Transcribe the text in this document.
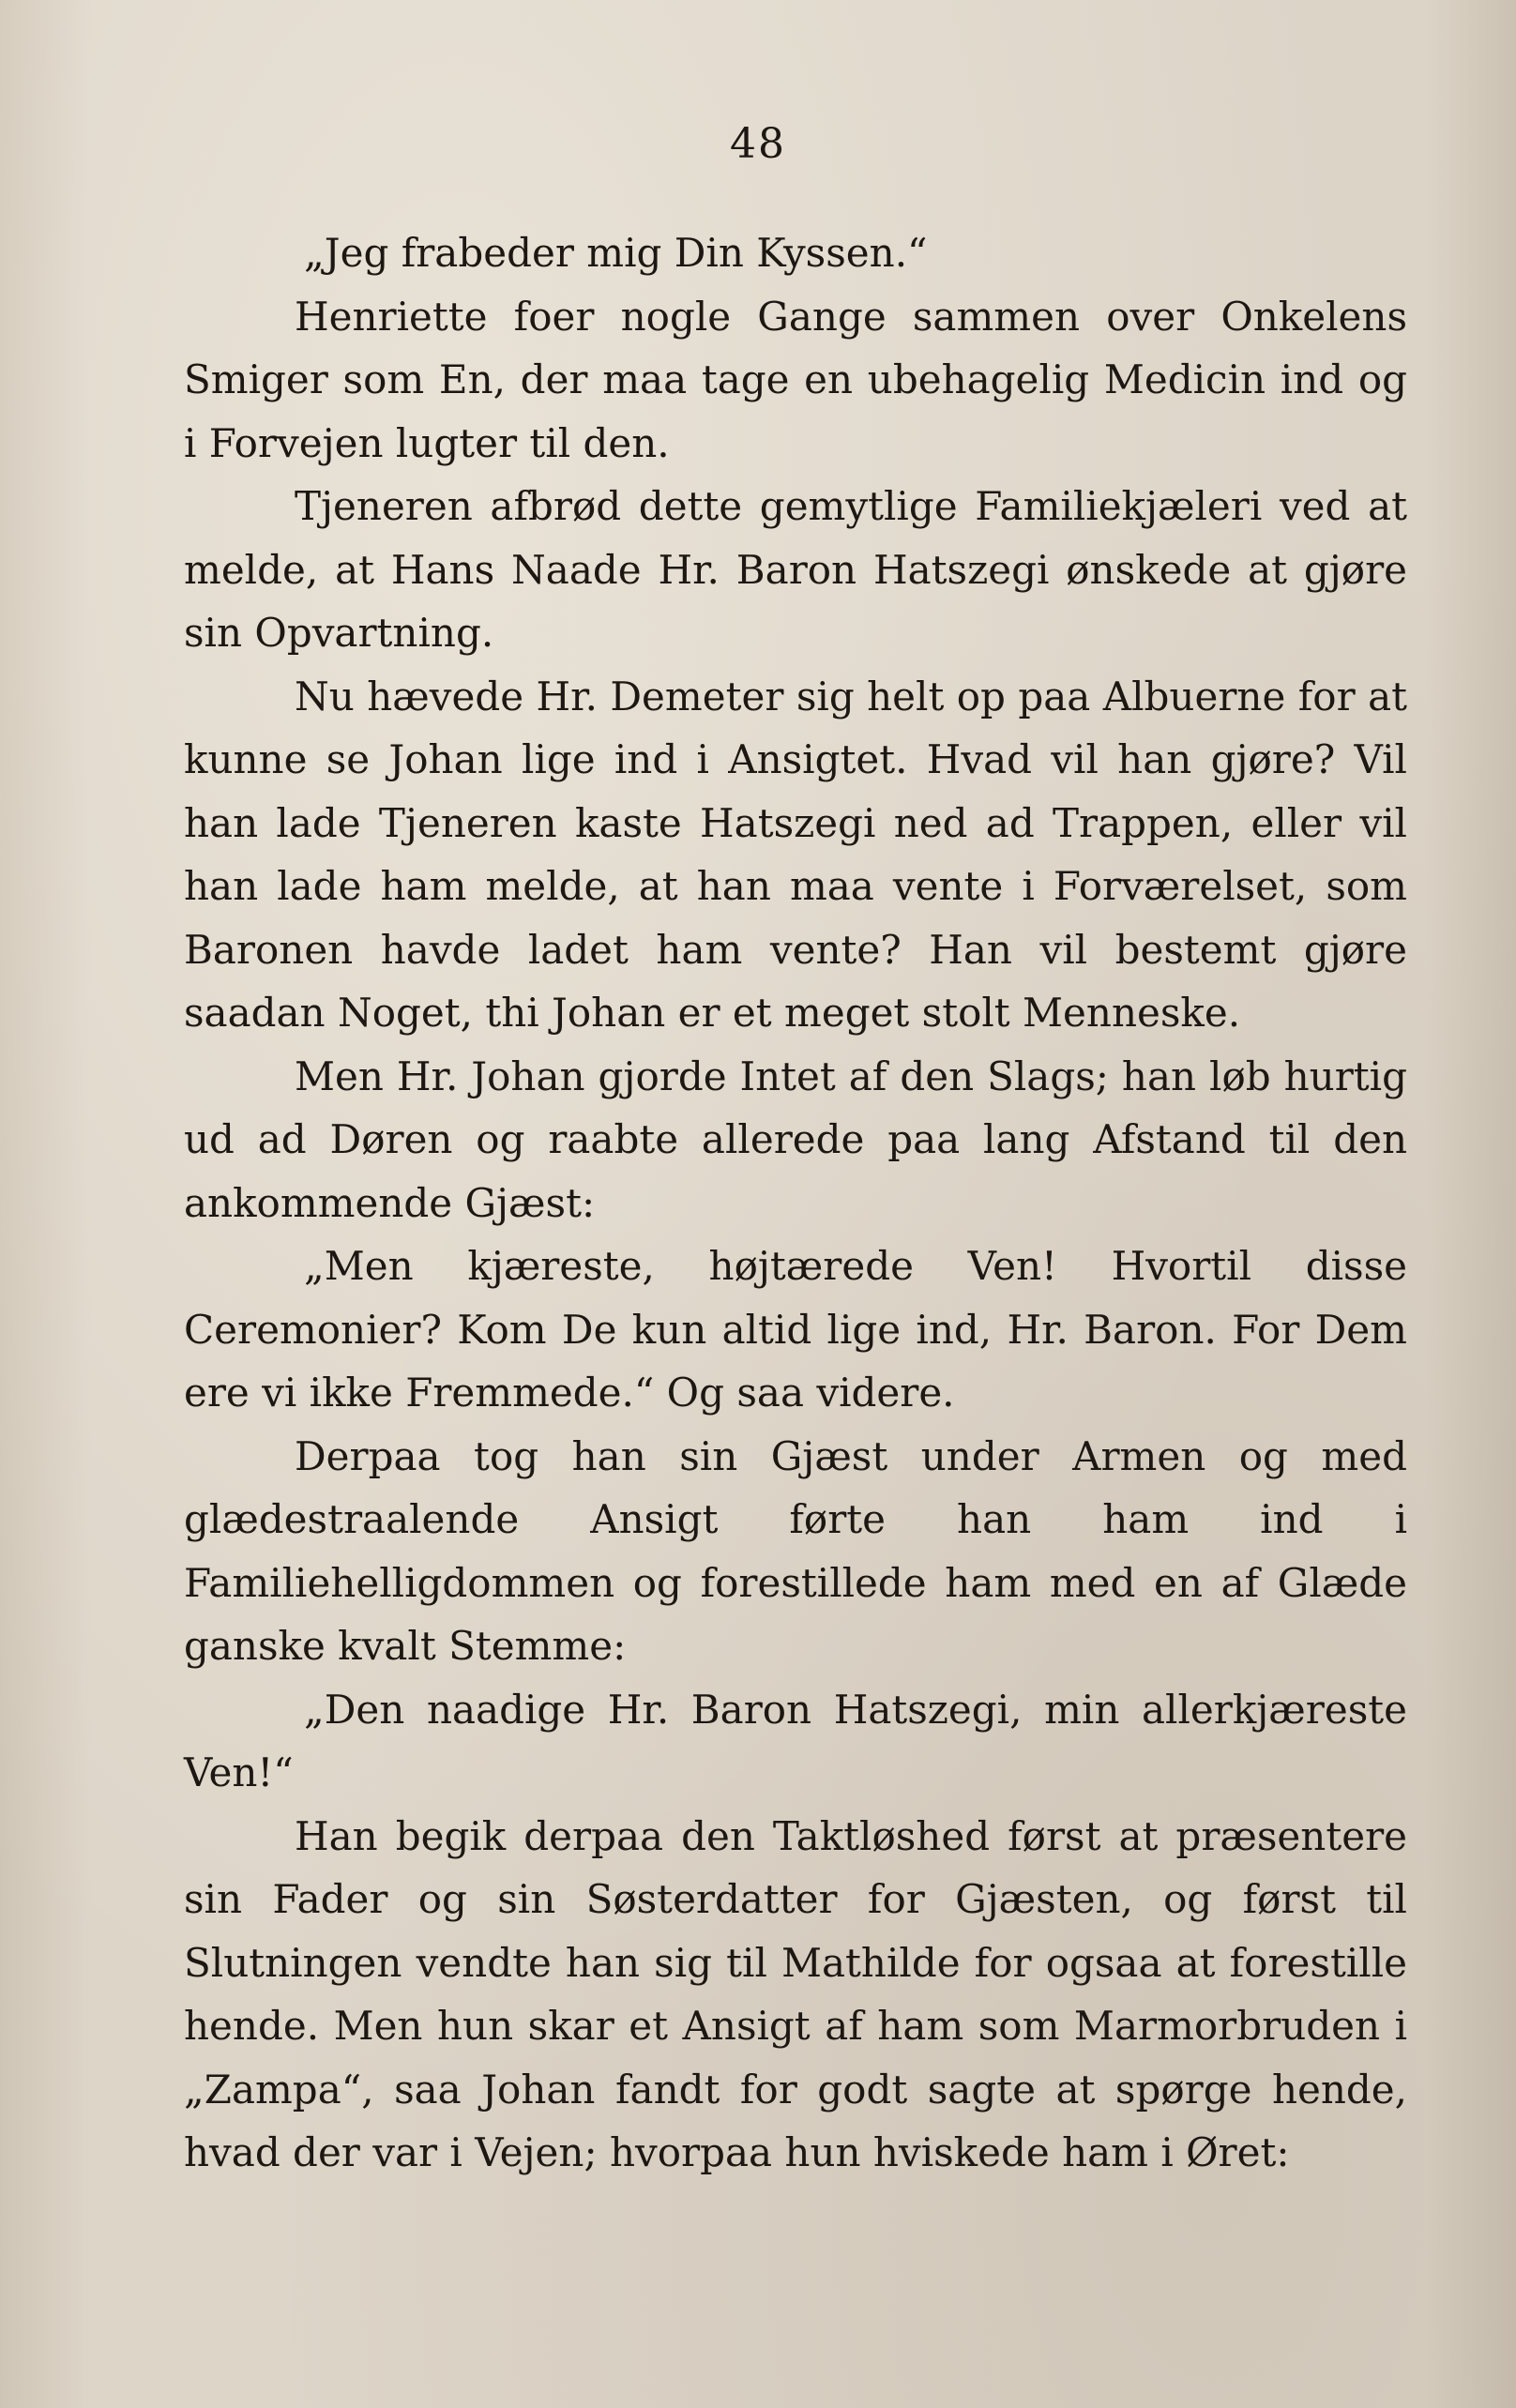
48

„Jeg frabeder mig Din Kyssen.“

Henriette foer nogle Gange sammen over Onkelens Smiger som En, der maa tage en ubehagelig Medicin ind og i Forvejen lugter til den.

Tjeneren afbrød dette gemytlige Familiekjæleri ved at melde, at Hans Naade Hr. Baron Hatszegi ønskede at gjøre sin Opvartning.

Nu hævede Hr. Demeter sig helt op paa Albuerne for at kunne se Johan lige ind i Ansigtet. Hvad vil han gjøre? Vil han lade Tjeneren kaste Hatszegi ned ad Trappen, eller vil han lade ham melde, at han maa vente i Forværelset, som Baronen havde ladet ham vente? Han vil bestemt gjøre saadan Noget, thi Johan er et meget stolt Menneske.

Men Hr. Johan gjorde Intet af den Slags; han løb hurtig ud ad Døren og raabte allerede paa lang Afstand til den ankommende Gjæst:

„Men kjæreste, højtærede Ven! Hvortil disse Ceremonier? Kom De kun altid lige ind, Hr. Baron. For Dem ere vi ikke Fremmede.“ Og saa videre.

Derpaa tog han sin Gjæst under Armen og med glædestraalende Ansigt førte han ham ind i Familiehelligdommen og forestillede ham med en af Glæde ganske kvalt Stemme:

„Den naadige Hr. Baron Hatszegi, min allerkjæreste Ven!“

Han begik derpaa den Taktløshed først at præsentere sin Fader og sin Søsterdatter for Gjæsten, og først til Slutningen vendte han sig til Mathilde for ogsaa at forestille hende. Men hun skar et Ansigt af ham som Marmorbruden i „Zampa“, saa Johan fandt for godt sagte at spørge hende, hvad der var i Vejen; hvorpaa hun hviskede ham i Øret:
